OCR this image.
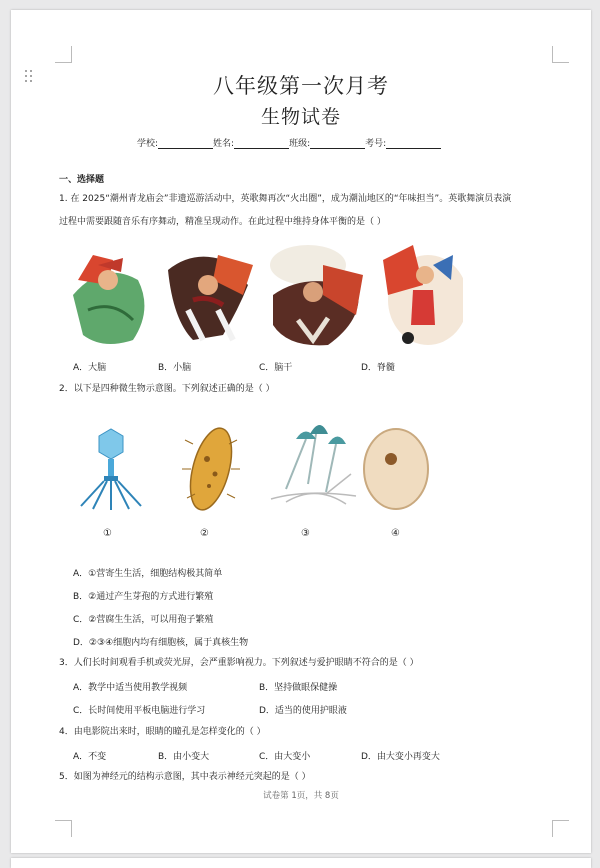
八年级第一次月考
生物试卷
学校:	姓名:	班级:	考号:
一、选择题
1. 在 2025“潮州青龙庙会”非遗巡游活动中，英歌舞再次“火出圈”，成为潮汕地区的“年味担当”。英歌舞演员表演
过程中需要跟随音乐有序舞动，精准呈现动作。在此过程中维持身体平衡的是（ ）
A．大脑	B．小脑	C．脑干	D．脊髓
2．以下是四种微生物示意图。下列叙述正确的是（ ）
①	②	③	④
A．①营寄生生活，细胞结构极其简单
B．②通过产生芽孢的方式进行繁殖
C．②营腐生生活，可以用孢子繁殖
D．②③④细胞内均有细胞核，属于真核生物
3．人们长时间观看手机或荧光屏，会严重影响视力。下列叙述与爱护眼睛不符合的是（ ）
A．教学中适当使用教学视频	B．坚持做眼保健操
C．长时间使用平板电脑进行学习	D．适当的使用护眼液
4．由电影院出来时，眼睛的瞳孔是怎样变化的（ ）
A．不变	B．由小变大	C．由大变小	D．由大变小再变大
5．如图为神经元的结构示意图，其中表示神经元突起的是（ ）
试卷第 1页，共 8页
